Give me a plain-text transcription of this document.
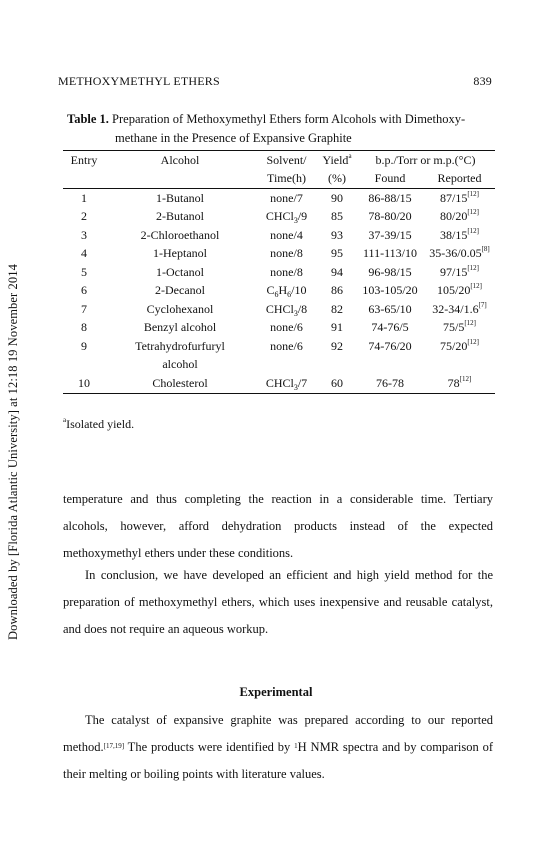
METHOXYMETHYL ETHERS	839
Downloaded by [Florida Atlantic University] at 12:18 19 November 2014
Table 1. Preparation of Methoxymethyl Ethers form Alcohols with Dimethoxy-
methane in the Presence of Expansive Graphite
Entry	Alcohol	Solvent/	Yield$^a$	b.p./Torr or m.p.(°C)	
		Time(h)	(%)	Found	Reported
1	1-Butanol	none/7	90	86-88/15	87/15[12]
2	2-Butanol	CHCl$_3$/9	85	78-80/20	80/20[12]
3	2-Chloroethanol	none/4	93	37-39/15	38/15[12]
4	1-Heptanol	none/8	95	111-113/10	35-36/0.05[8]
5	1-Octanol	none/8	94	96-98/15	97/15[12]
6	2-Decanol	$C_6H_6/10$	86	103-105/20	105/20[12]
7	Cyclohexanol	CHCl$_3$/8	82	63-65/10	32-34/1.6[7]
8	Benzyl alcohol	none/6	91	74-76/5	75/5[12]
9	Tetrahydrofurfuryl	none/6	92	74-76/20	75/20[12]
	alcohol				
10	Cholesterol	CHCl$_3$/7	60	76-78	78[12]
$^a$Isolated yield.
temperature and thus completing the reaction in a considerable time. Tertiary alcohols, however, afford dehydration products instead of the expected methoxymethyl ethers under these conditions.
In conclusion, we have developed an efficient and high yield method for the preparation of methoxymethyl ethers, which uses inexpensive and reusable catalyst, and does not require an aqueous workup.
Experimental
The catalyst of expansive graphite was prepared according to our reported method.[17,19] The products were identified by $^1$H NMR spectra and by comparison of their melting or boiling points with literature values.
